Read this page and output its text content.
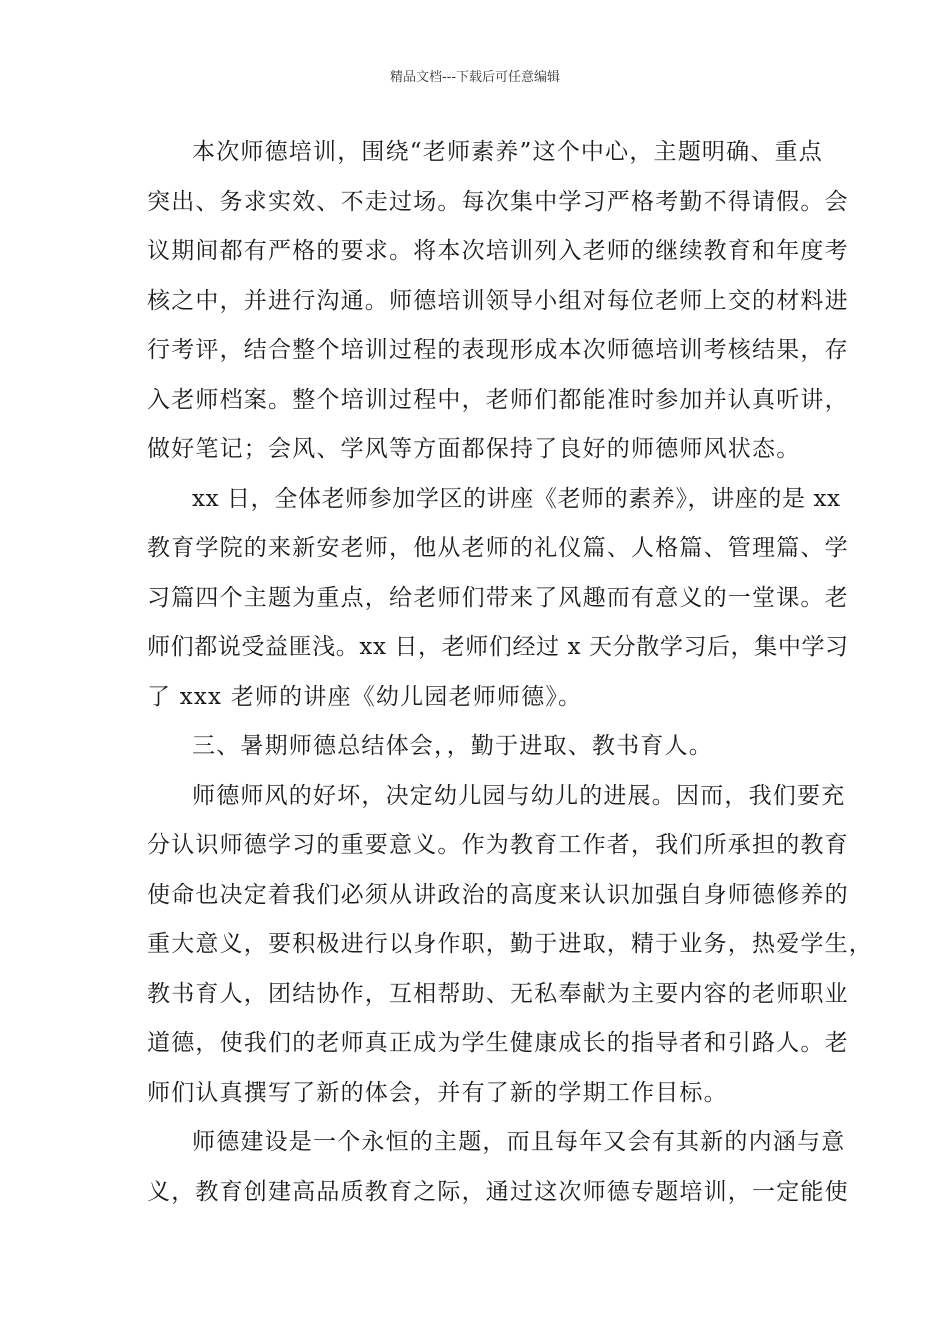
精品文档---下载后可任意编辑
本次师德培训，围绕“老师素养”这个中心，主题明确、重点
突出、务求实效、不走过场。每次集中学习严格考勤不得请假。会
议期间都有严格的要求。将本次培训列入老师的继续教育和年度考
核之中，并进行沟通。师德培训领导小组对每位老师上交的材料进
行考评，结合整个培训过程的表现形成本次师德培训考核结果，存
入老师档案。整个培训过程中，老师们都能准时参加并认真听讲，
做好笔记；会风、学风等方面都保持了良好的师德师风状态。
xx 日，全体老师参加学区的讲座《老师的素养》，讲座的是 xx
教育学院的来新安老师，他从老师的礼仪篇、人格篇、管理篇、学
习篇四个主题为重点，给老师们带来了风趣而有意义的一堂课。老
师们都说受益匪浅。xx 日，老师们经过 x 天分散学习后，集中学习
了 xxx 老师的讲座《幼儿园老师师德》。
三、暑期师德总结体会，，勤于进取、教书育人。
师德师风的好坏，决定幼儿园与幼儿的进展。因而，我们要充
分认识师德学习的重要意义。作为教育工作者，我们所承担的教育
使命也决定着我们必须从讲政治的高度来认识加强自身师德修养的
重大意义，要积极进行以身作职，勤于进取，精于业务，热爱学生，
教书育人，团结协作，互相帮助、无私奉献为主要内容的老师职业
道德，使我们的老师真正成为学生健康成长的指导者和引路人。老
师们认真撰写了新的体会，并有了新的学期工作目标。
师德建设是一个永恒的主题，而且每年又会有其新的内涵与意
义，教育创建高品质教育之际，通过这次师德专题培训，一定能使
